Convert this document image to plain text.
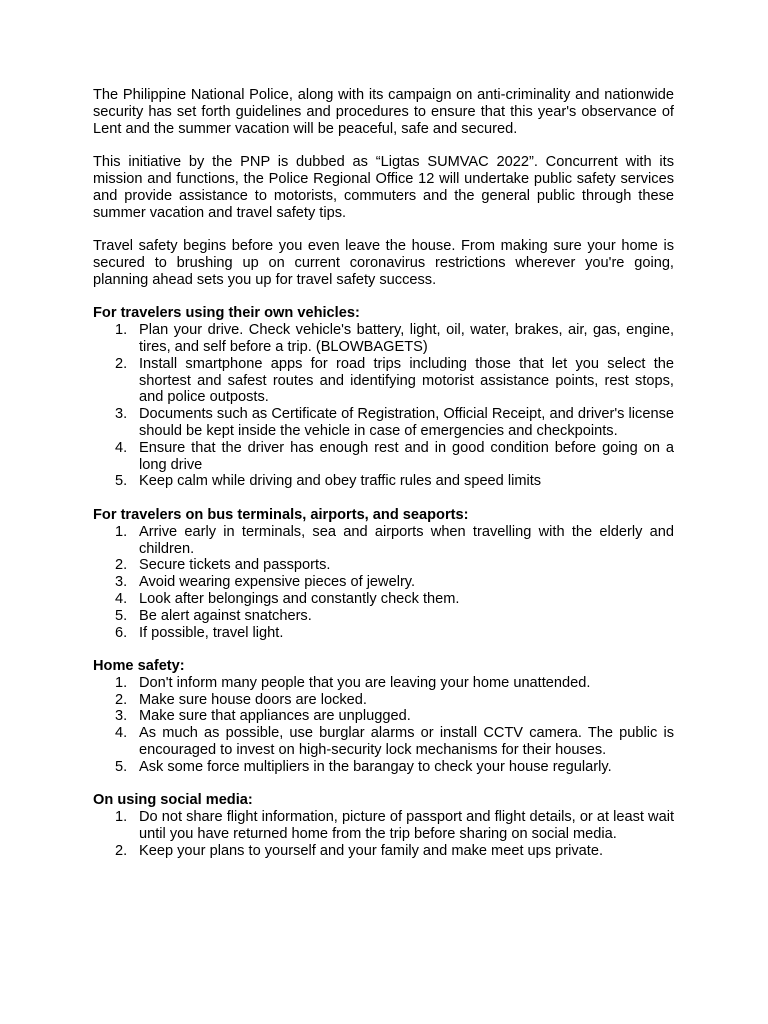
The Philippine National Police, along with its campaign on anti-criminality and nationwide security has set forth guidelines and procedures to ensure that this year's observance of Lent and the summer vacation will be peaceful, safe and secured.

This initiative by the PNP is dubbed as “Ligtas SUMVAC 2022”. Concurrent with its mission and functions, the Police Regional Office 12 will undertake public safety services and provide assistance to motorists, commuters and the general public through these summer vacation and travel safety tips.

Travel safety begins before you even leave the house. From making sure your home is secured to brushing up on current coronavirus restrictions wherever you're going, planning ahead sets you up for travel safety success.

For travelers using their own vehicles:
1. Plan your drive. Check vehicle's battery, light, oil, water, brakes, air, gas, engine, tires, and self before a trip. (BLOWBAGETS)
2. Install smartphone apps for road trips including those that let you select the shortest and safest routes and identifying motorist assistance points, rest stops, and police outposts.
3. Documents such as Certificate of Registration, Official Receipt, and driver's license should be kept inside the vehicle in case of emergencies and checkpoints.
4. Ensure that the driver has enough rest and in good condition before going on a long drive
5. Keep calm while driving and obey traffic rules and speed limits
For travelers on bus terminals, airports, and seaports:
1. Arrive early in terminals, sea and airports when travelling with the elderly and children.
2. Secure tickets and passports.
3. Avoid wearing expensive pieces of jewelry.
4. Look after belongings and constantly check them.
5. Be alert against snatchers.
6. If possible, travel light.
Home safety:
1. Don't inform many people that you are leaving your home unattended.
2. Make sure house doors are locked.
3. Make sure that appliances are unplugged.
4. As much as possible, use burglar alarms or install CCTV camera. The public is encouraged to invest on high-security lock mechanisms for their houses.
5. Ask some force multipliers in the barangay to check your house regularly.
On using social media:
1. Do not share flight information, picture of passport and flight details, or at least wait until you have returned home from the trip before sharing on social media.
2. Keep your plans to yourself and your family and make meet ups private.
